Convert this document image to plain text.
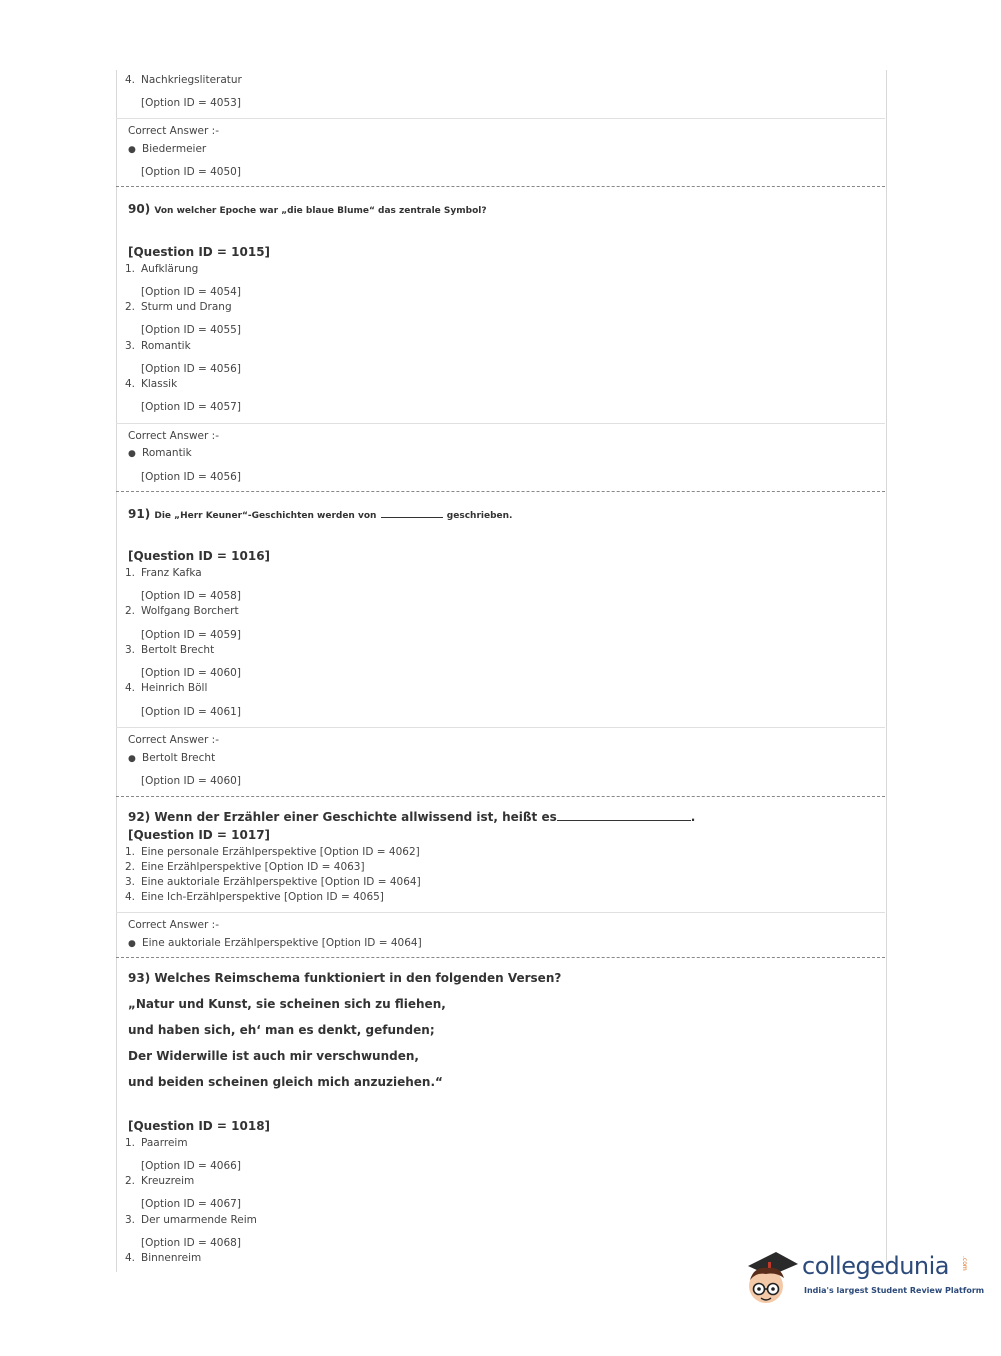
4. Nachkriegsliteratur
[Option ID = 4053]
Correct Answer :-
● Biedermeier
[Option ID = 4050]
90) Von welcher Epoche war „die blaue Blume“ das zentrale Symbol?
[Question ID = 1015]
1. Aufklärung
[Option ID = 4054]
2. Sturm und Drang
[Option ID = 4055]
3. Romantik
[Option ID = 4056]
4. Klassik
[Option ID = 4057]
Correct Answer :-
● Romantik
[Option ID = 4056]
91) Die „Herr Keuner“-Geschichten werden von	geschrieben.
[Question ID = 1016]
1. Franz Kafka
[Option ID = 4058]
2. Wolfgang Borchert
[Option ID = 4059]
3. Bertolt Brecht
[Option ID = 4060]
4. Heinrich Böll
[Option ID = 4061]
Correct Answer :-
● Bertolt Brecht
[Option ID = 4060]
92) Wenn der Erzähler einer Geschichte allwissend ist, heißt es	.
[Question ID = 1017]
1. Eine personale Erzählperspektive [Option ID = 4062]
2. Eine Erzählperspektive [Option ID = 4063]
3. Eine auktoriale Erzählperspektive [Option ID = 4064]
4. Eine Ich-Erzählperspektive [Option ID = 4065]
Correct Answer :-
● Eine auktoriale Erzählperspektive [Option ID = 4064]
93) Welches Reimschema funktioniert in den folgenden Versen?
„Natur und Kunst, sie scheinen sich zu fliehen,
und haben sich, eh‘ man es denkt, gefunden;
Der Widerwille ist auch mir verschwunden,
und beiden scheinen gleich mich anzuziehen.“
[Question ID = 1018]
1. Paarreim
[Option ID = 4066]
2. Kreuzreim
[Option ID = 4067]
3. Der umarmende Reim
[Option ID = 4068]
4. Binnenreim	collegedunia .com
India's largest Student Review Platform
